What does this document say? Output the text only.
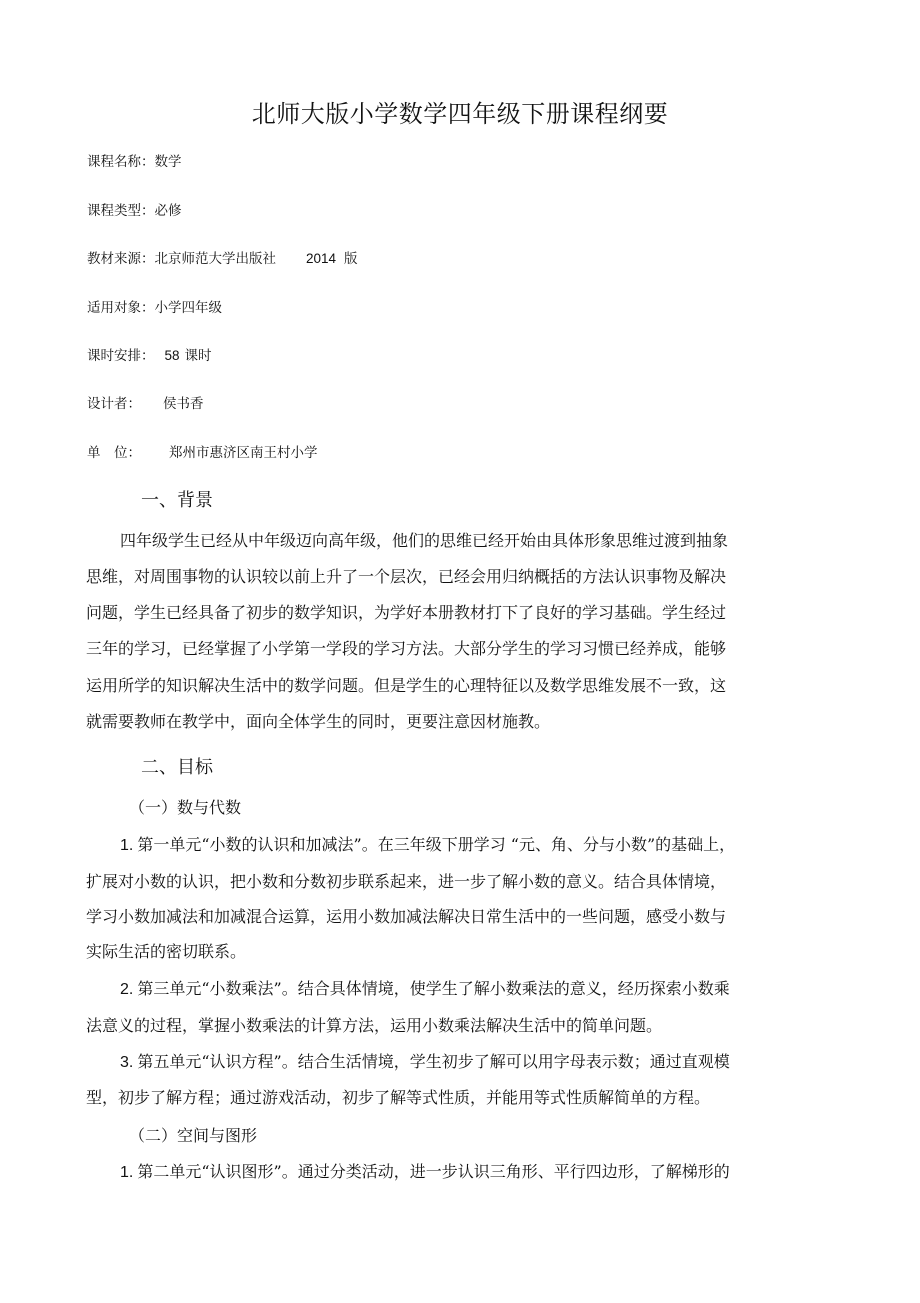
北师大版小学数学四年级下册课程纲要
课程名称：数学
课程类型：必修
教材来源：北京师范大学出版社 2014 版
适用对象：小学四年级
课时安排： 58 课时
设计者： 侯书香
单　位： 郑州市惠济区南王村小学
一、背景
四年级学生已经从中年级迈向高年级，他们的思维已经开始由具体形象思维过渡到抽象
思维，对周围事物的认识较以前上升了一个层次，已经会用归纳概括的方法认识事物及解决
问题，学生已经具备了初步的数学知识，为学好本册教材打下了良好的学习基础。学生经过
三年的学习，已经掌握了小学第一学段的学习方法。大部分学生的学习习惯已经养成，能够
运用所学的知识解决生活中的数学问题。但是学生的心理特征以及数学思维发展不一致，这
就需要教师在教学中，面向全体学生的同时，更要注意因材施教。
二、目标
（一）数与代数
1. 第一单元“小数的认识和加减法”。在三年级下册学习 “元、角、分与小数”的基础上，
扩展对小数的认识，把小数和分数初步联系起来，进一步了解小数的意义。结合具体情境，
学习小数加减法和加减混合运算，运用小数加减法解决日常生活中的一些问题，感受小数与
实际生活的密切联系。
2. 第三单元“小数乘法”。结合具体情境，使学生了解小数乘法的意义，经历探索小数乘
法意义的过程，掌握小数乘法的计算方法，运用小数乘法解决生活中的简单问题。
3. 第五单元“认识方程”。结合生活情境，学生初步了解可以用字母表示数；通过直观模
型，初步了解方程；通过游戏活动，初步了解等式性质，并能用等式性质解简单的方程。
（二）空间与图形
1. 第二单元“认识图形”。通过分类活动，进一步认识三角形、平行四边形，了解梯形的
